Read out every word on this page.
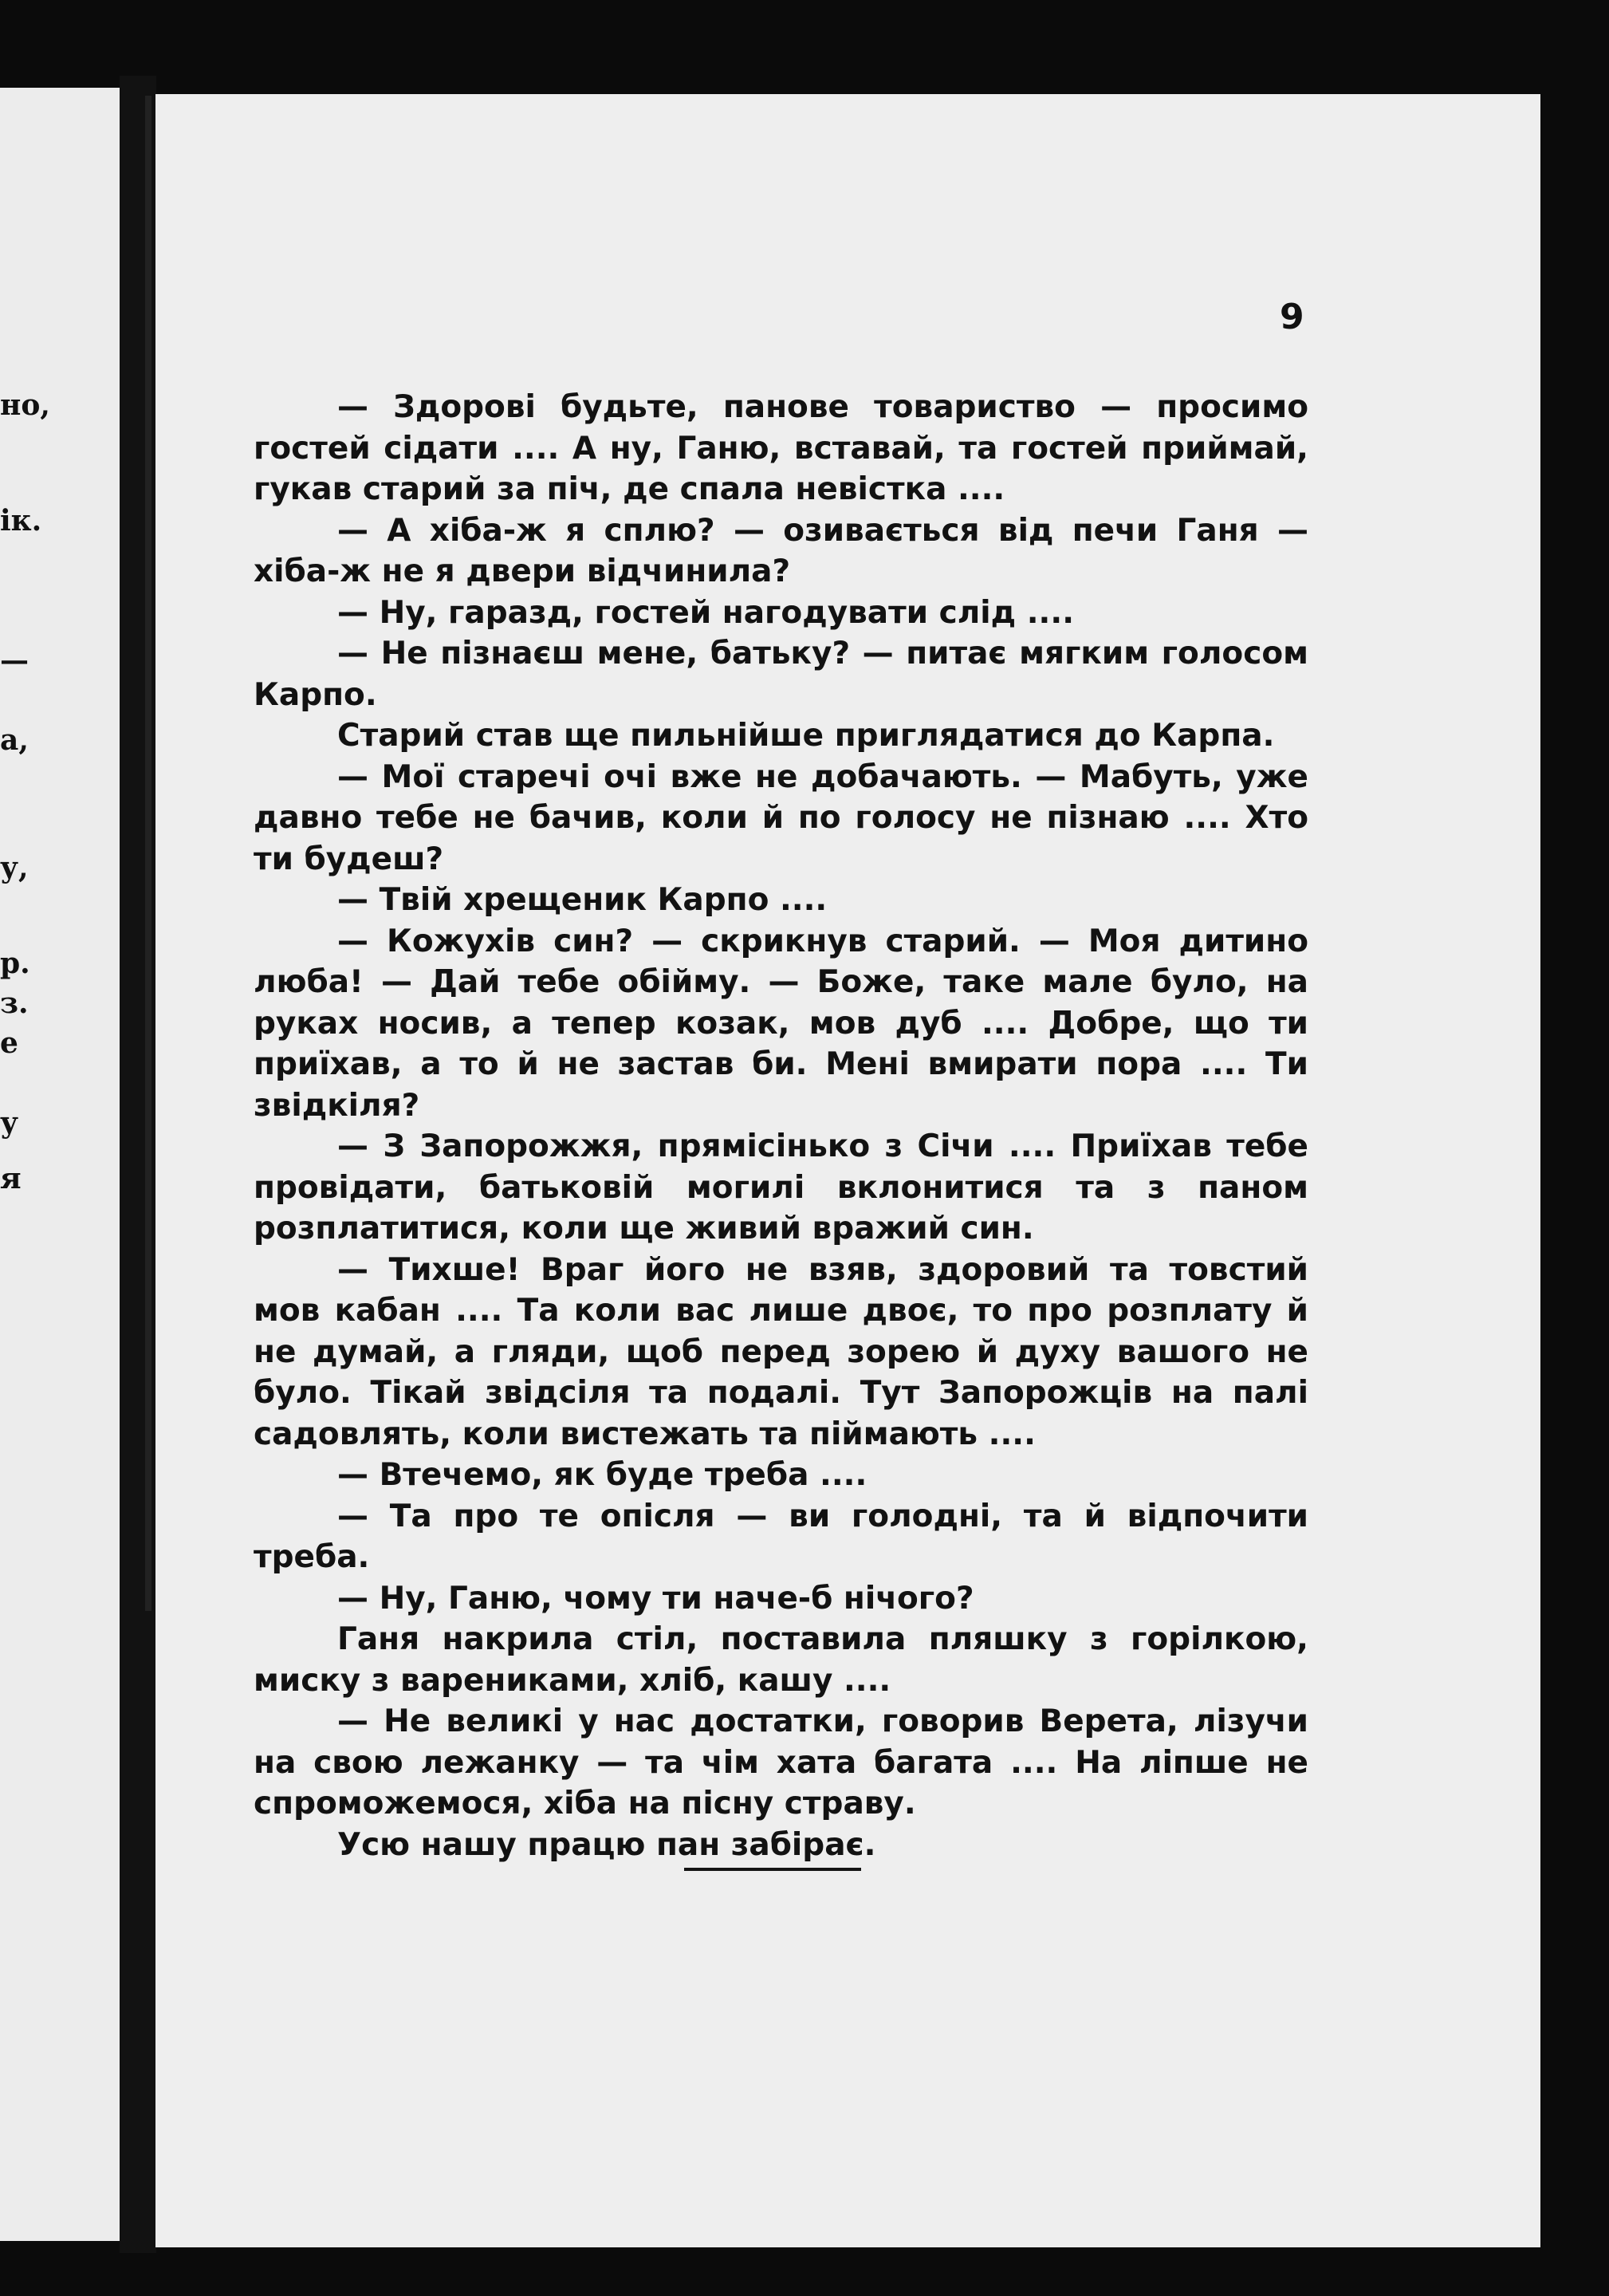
но,
ік.
—
а,
у,
р.
з.
е
у
я
9

— Здорові будьте, панове товариство — просимо гостей сідати .... А ну, Ганю, вставай, та гостей приймай, гукав старий за піч, де спала невістка ....

— А хіба-ж я сплю? — озивається від печи Ганя — хіба-ж не я двери відчинила?

— Ну, гаразд, гостей нагодувати слід ....

— Не пізнаєш мене, батьку? — питає мягким голосом Карпо.

Старий став ще пильнійше приглядатися до Карпа.

— Мої старечі очі вже не добачають. — Мабуть, уже давно тебе не бачив, коли й по голосу не пізнаю .... Хто ти будеш?

— Твій хрещеник Карпо ....

— Кожухів син? — скрикнув старий. — Моя дитино люба! — Дай тебе обійму. — Боже, таке мале було, на руках носив, а тепер козак, мов дуб .... Добре, що ти приїхав, а то й не застав би. Мені вмирати пора .... Ти звідкіля?

— З Запорожжя, прямісінько з Січи .... Приїхав тебе провідати, батьковій могилі вклонитися та з паном розплатитися, коли ще живий вражий син.

— Тихше! Враг його не взяв, здоровий та товстий мов кабан .... Та коли вас лише двоє, то про розплату й не думай, а гляди, щоб перед зорею й духу вашого не було. Тікай звідсіля та подалі. Тут Запорожців на палі садовлять, коли вистежать та піймають ....

— Втечемо, як буде треба ....

— Та про те опісля — ви голодні, та й відпочити треба.

— Ну, Ганю, чому ти наче-б нічого?

Ганя накрила стіл, поставила пляшку з горілкою, миску з варениками, хліб, кашу ....

— Не великі у нас достатки, говорив Верета, лізучи на свою лежанку — та чім хата багата .... На ліпше не спроможемося, хіба на пісну страву.

Усю нашу працю пан забірає.
